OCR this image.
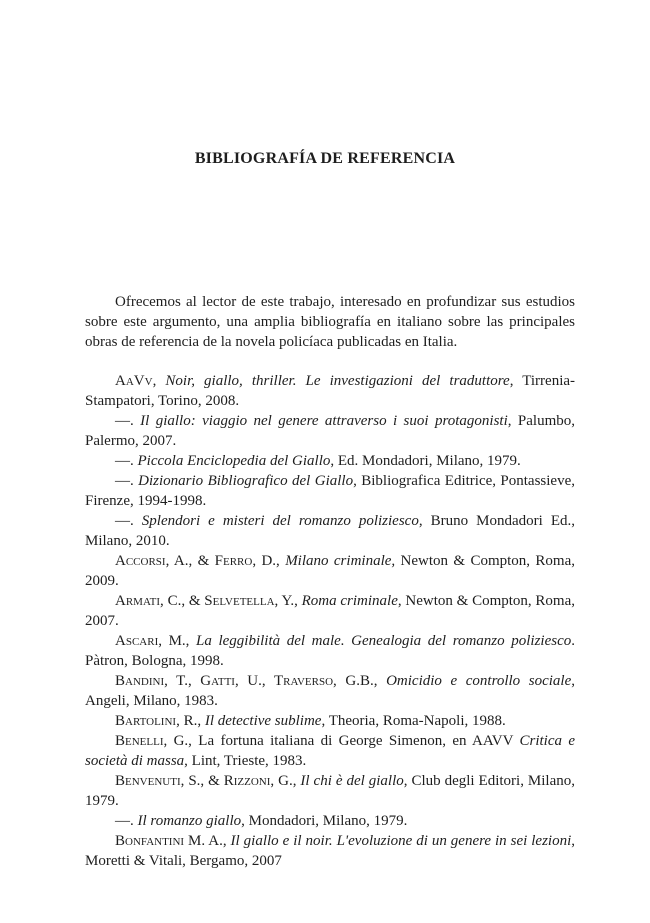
BIBLIOGRAFÍA DE REFERENCIA

Ofrecemos al lector de este trabajo, interesado en profundizar sus estudios sobre este argumento, una amplia bibliografía en italiano sobre las principales obras de referencia de la novela policíaca publicadas en Italia.

AaVv, Noir, giallo, thriller. Le investigazioni del traduttore, Tirrenia-Stampatori, Torino, 2008.

—. Il giallo: viaggio nel genere attraverso i suoi protagonisti, Palumbo, Palermo, 2007.

—. Piccola Enciclopedia del Giallo, Ed. Mondadori, Milano, 1979.

—. Dizionario Bibliografico del Giallo, Bibliografica Editrice, Pontassieve, Firenze, 1994-1998.

—. Splendori e misteri del romanzo poliziesco, Bruno Mondadori Ed., Milano, 2010.

Accorsi, A., & Ferro, D., Milano criminale, Newton & Compton, Roma, 2009.

Armati, C., & Selvetella, Y., Roma criminale, Newton & Compton, Roma, 2007.

Ascari, M., La leggibilità del male. Genealogia del romanzo poliziesco. Pàtron, Bologna, 1998.

Bandini, T., Gatti, U., Traverso, G.B., Omicidio e controllo sociale, Angeli, Milano, 1983.

Bartolini, R., Il detective sublime, Theoria, Roma-Napoli, 1988.

Benelli, G., La fortuna italiana di George Simenon, en AAVV Critica e società di massa, Lint, Trieste, 1983.

Benvenuti, S., & Rizzoni, G., Il chi è del giallo, Club degli Editori, Milano, 1979.

—. Il romanzo giallo, Mondadori, Milano, 1979.

Bonfantini M. A., Il giallo e il noir. L'evoluzione di un genere in sei lezioni, Moretti & Vitali, Bergamo, 2007
